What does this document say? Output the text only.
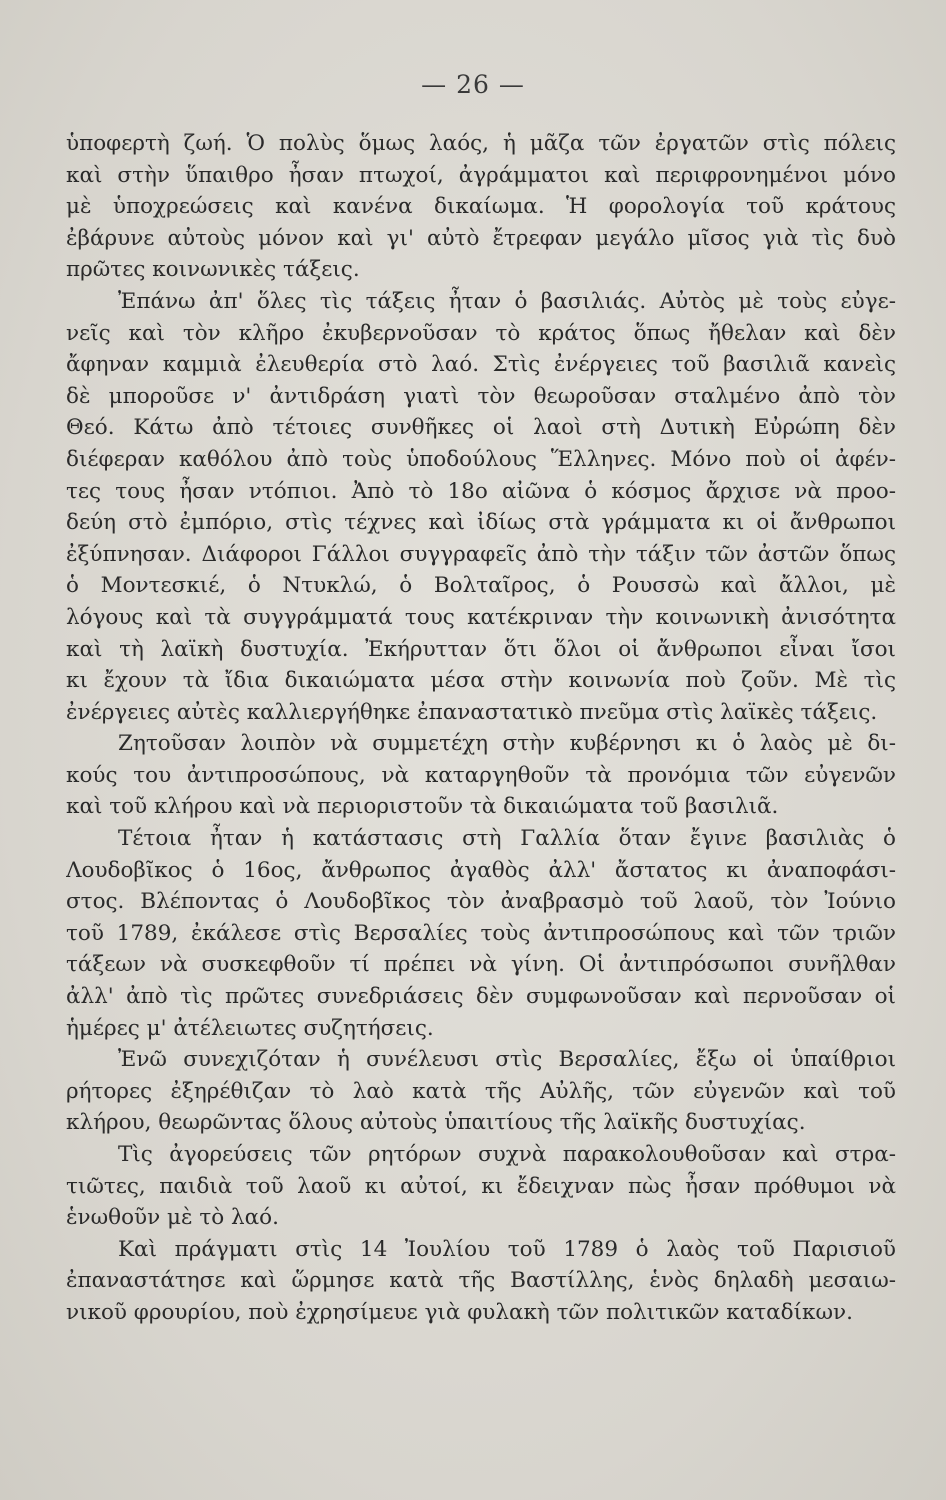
— 26 —
ὑποφερτὴ ζωή. Ὁ πολὺς ὅμως λαός, ἡ μᾶζα τῶν ἐργατῶν στὶς πόλεις
καὶ στὴν ὕπαιθρο ἦσαν πτωχοί, ἀγράμματοι καὶ περιφρονημένοι μόνο
μὲ ὑποχρεώσεις καὶ κανένα δικαίωμα. Ἡ φορολογία τοῦ κράτους
ἐβάρυνε αὐτοὺς μόνον καὶ γι' αὐτὸ ἔτρεφαν μεγάλο μῖσος γιὰ τὶς δυὸ
πρῶτες κοινωνικὲς τάξεις.
Ἐπάνω ἀπ' ὅλες τὶς τάξεις ἦταν ὁ βασιλιάς. Αὐτὸς μὲ τοὺς εὐγε-
νεῖς καὶ τὸν κλῆρο ἐκυβερνοῦσαν τὸ κράτος ὅπως ἤθελαν καὶ δὲν
ἄφηναν καμμιὰ ἐλευθερία στὸ λαό. Στὶς ἐνέργειες τοῦ βασιλιᾶ κανεὶς
δὲ μποροῦσε ν' ἀντιδράση γιατὶ τὸν θεωροῦσαν σταλμένο ἀπὸ τὸν
Θεό. Κάτω ἀπὸ τέτοιες συνθῆκες οἱ λαοὶ στὴ Δυτικὴ Εὐρώπη δὲν
διέφεραν καθόλου ἀπὸ τοὺς ὑποδούλους Ἕλληνες. Μόνο ποὺ οἱ ἀφέν-
τες τους ἦσαν ντόπιοι. Ἀπὸ τὸ 18ο αἰῶνα ὁ κόσμος ἄρχισε νὰ προο-
δεύη στὸ ἐμπόριο, στὶς τέχνες καὶ ἰδίως στὰ γράμματα κι οἱ ἄνθρωποι
ἐξύπνησαν. Διάφοροι Γάλλοι συγγραφεῖς ἀπὸ τὴν τάξιν τῶν ἀστῶν ὅπως
ὁ Μοντεσκιέ, ὁ Ντυκλώ, ὁ Βολταῖρος, ὁ Ρουσσὼ καὶ ἄλλοι, μὲ
λόγους καὶ τὰ συγγράμματά τους κατέκριναν τὴν κοινωνικὴ ἀνισότητα
καὶ τὴ λαϊκὴ δυστυχία. Ἐκήρυτταν ὅτι ὅλοι οἱ ἄνθρωποι εἶναι ἴσοι
κι ἔχουν τὰ ἴδια δικαιώματα μέσα στὴν κοινωνία ποὺ ζοῦν. Μὲ τὶς
ἐνέργειες αὐτὲς καλλιεργήθηκε ἐπαναστατικὸ πνεῦμα στὶς λαϊκὲς τάξεις.
Ζητοῦσαν λοιπὸν νὰ συμμετέχη στὴν κυβέρνησι κι ὁ λαὸς μὲ δι-
κούς του ἀντιπροσώπους, νὰ καταργηθοῦν τὰ προνόμια τῶν εὐγενῶν
καὶ τοῦ κλήρου καὶ νὰ περιοριστοῦν τὰ δικαιώματα τοῦ βασιλιᾶ.
Τέτοια ἦταν ἡ κατάστασις στὴ Γαλλία ὅταν ἔγινε βασιλιὰς ὁ
Λουδοβῖκος ὁ 16ος, ἄνθρωπος ἀγαθὸς ἀλλ' ἄστατος κι ἀναποφάσι-
στος. Βλέποντας ὁ Λουδοβῖκος τὸν ἀναβρασμὸ τοῦ λαοῦ, τὸν Ἰούνιο
τοῦ 1789, ἐκάλεσε στὶς Βερσαλίες τοὺς ἀντιπροσώπους καὶ τῶν τριῶν
τάξεων νὰ συσκεφθοῦν τί πρέπει νὰ γίνη. Οἱ ἀντιπρόσωποι συνῆλθαν
ἀλλ' ἀπὸ τὶς πρῶτες συνεδριάσεις δὲν συμφωνοῦσαν καὶ περνοῦσαν οἱ
ἡμέρες μ' ἀτέλειωτες συζητήσεις.
Ἐνῶ συνεχιζόταν ἡ συνέλευσι στὶς Βερσαλίες, ἔξω οἱ ὑπαίθριοι
ρήτορες ἐξηρέθιζαν τὸ λαὸ κατὰ τῆς Αὐλῆς, τῶν εὐγενῶν καὶ τοῦ
κλήρου, θεωρῶντας ὅλους αὐτοὺς ὑπαιτίους τῆς λαϊκῆς δυστυχίας.
Τὶς ἀγορεύσεις τῶν ρητόρων συχνὰ παρακολουθοῦσαν καὶ στρα-
τιῶτες, παιδιὰ τοῦ λαοῦ κι αὐτοί, κι ἔδειχναν πὼς ἦσαν πρόθυμοι νὰ
ἑνωθοῦν μὲ τὸ λαό.
Καὶ πράγματι στὶς 14 Ἰουλίου τοῦ 1789 ὁ λαὸς τοῦ Παρισιοῦ
ἐπαναστάτησε καὶ ὥρμησε κατὰ τῆς Βαστίλλης, ἑνὸς δηλαδὴ μεσαιω-
νικοῦ φρουρίου, ποὺ ἐχρησίμευε γιὰ φυλακὴ τῶν πολιτικῶν καταδίκων.
